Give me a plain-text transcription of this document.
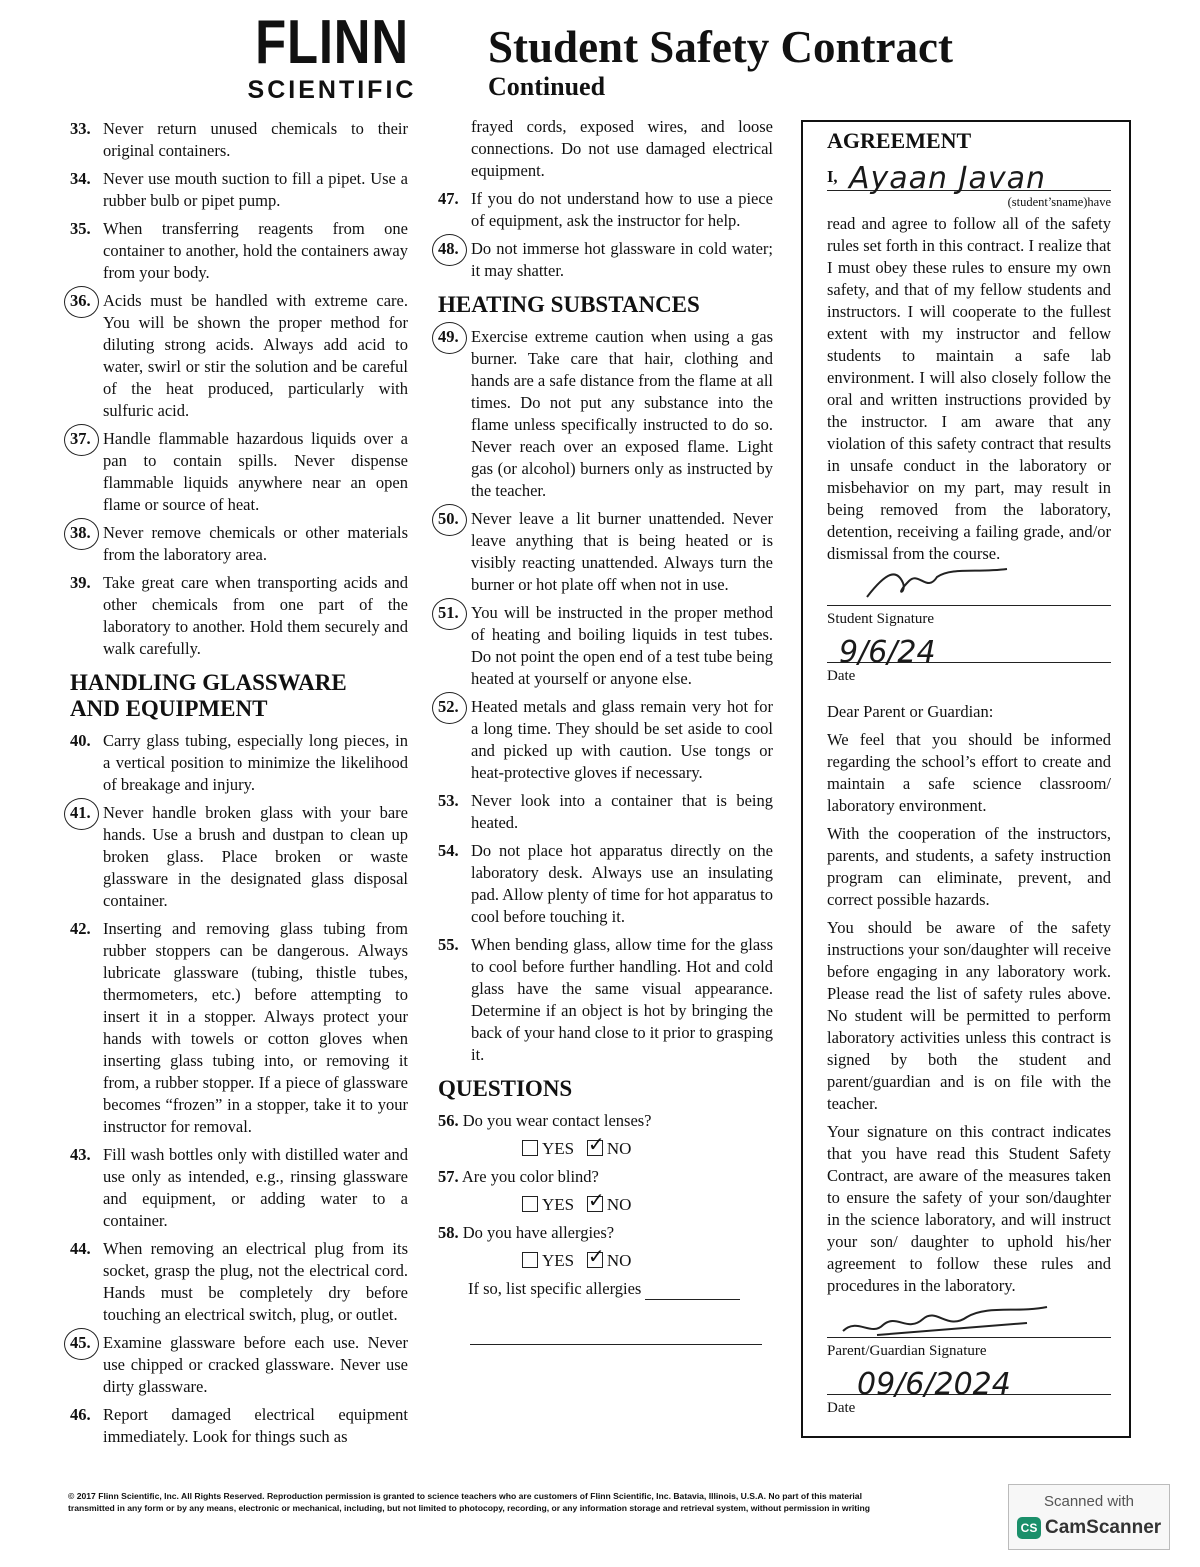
FLINN
SCIENTIFIC
Student Safety Contract
Continued
33. Never return unused chemicals to their original containers.
34. Never use mouth suction to fill a pipet. Use a rubber bulb or pipet pump.
35. When transferring reagents from one container to another, hold the containers away from your body.
36. Acids must be handled with extreme care. You will be shown the proper method for diluting strong acids. Always add acid to water, swirl or stir the solution and be careful of the heat produced, particularly with sulfuric acid.
37. Handle flammable hazardous liquids over a pan to contain spills. Never dispense flammable liquids anywhere near an open flame or source of heat.
38. Never remove chemicals or other materials from the laboratory area.
39. Take great care when transporting acids and other chemicals from one part of the laboratory to another. Hold them securely and walk carefully.
HANDLING GLASSWARE
AND EQUIPMENT
40. Carry glass tubing, especially long pieces, in a vertical position to minimize the likelihood of breakage and injury.
41. Never handle broken glass with your bare hands. Use a brush and dustpan to clean up broken glass. Place broken or waste glassware in the designated glass disposal container.
42. Inserting and removing glass tubing from rubber stoppers can be dangerous. Always lubricate glassware (tubing, thistle tubes, thermometers, etc.) before attempting to insert it in a stopper. Always protect your hands with towels or cotton gloves when inserting glass tubing into, or removing it from, a rubber stopper. If a piece of glassware becomes “frozen” in a stopper, take it to your instructor for removal.
43. Fill wash bottles only with distilled water and use only as intended, e.g., rinsing glassware and equipment, or adding water to a container.
44. When removing an electrical plug from its socket, grasp the plug, not the electrical cord. Hands must be completely dry before touching an electrical switch, plug, or outlet.
45. Examine glassware before each use. Never use chipped or cracked glassware. Never use dirty glassware.
46. Report damaged electrical equipment immediately. Look for things such as
frayed cords, exposed wires, and loose connections. Do not use damaged electrical equipment.
47. If you do not understand how to use a piece of equipment, ask the instructor for help.
48. Do not immerse hot glassware in cold water; it may shatter.
HEATING SUBSTANCES
49. Exercise extreme caution when using a gas burner. Take care that hair, clothing and hands are a safe distance from the flame at all times. Do not put any substance into the flame unless specifically instructed to do so. Never reach over an exposed flame. Light gas (or alcohol) burners only as instructed by the teacher.
50. Never leave a lit burner unattended. Never leave anything that is being heated or is visibly reacting unattended. Always turn the burner or hot plate off when not in use.
51. You will be instructed in the proper method of heating and boiling liquids in test tubes. Do not point the open end of a test tube being heated at yourself or anyone else.
52. Heated metals and glass remain very hot for a long time. They should be set aside to cool and picked up with caution. Use tongs or heat-protective gloves if necessary.
53. Never look into a container that is being heated.
54. Do not place hot apparatus directly on the laboratory desk. Always use an insulating pad. Allow plenty of time for hot apparatus to cool before touching it.
55. When bending glass, allow time for the glass to cool before further handling. Hot and cold glass have the same visual appearance. Determine if an object is hot by bringing the back of your hand close to it prior to grasping it.
QUESTIONS
56. Do you wear contact lenses?
YES ✓ NO
57. Are you color blind?
YES ✓ NO
58. Do you have allergies?
YES ✓ NO
If so, list specific allergies
AGREEMENT
I, Ayaan Javan
(student’sname)have

read and agree to follow all of the safety rules set forth in this contract. I realize that I must obey these rules to ensure my own safety, and that of my fellow students and instructors. I will cooperate to the fullest extent with my instructor and fellow students to maintain a safe lab environment. I will also closely follow the oral and written instructions provided by the instructor. I am aware that any violation of this safety contract that results in unsafe conduct in the laboratory or misbehavior on my part, may result in being removed from the laboratory, detention, receiving a failing grade, and/or dismissal from the course.

Student Signature
9/6/24
Date

Dear Parent or Guardian:

We feel that you should be informed regarding the school’s effort to create and maintain a safe science classroom/ laboratory environment.

With the cooperation of the instructors, parents, and students, a safety instruction program can eliminate, prevent, and correct possible hazards.

You should be aware of the safety instructions your son/daughter will receive before engaging in any laboratory work. Please read the list of safety rules above. No student will be permitted to perform laboratory activities unless this contract is signed by both the student and parent/guardian and is on file with the teacher.

Your signature on this contract indicates that you have read this Student Safety Contract, are aware of the measures taken to ensure the safety of your son/daughter in the science laboratory, and will instruct your son/ daughter to uphold his/her agreement to follow these rules and procedures in the laboratory.

Parent/Guardian Signature
09/6/2024
Date
© 2017 Flinn Scientific, Inc. All Rights Reserved. Reproduction permission is granted to science teachers who are customers of Flinn Scientific, Inc. Batavia, Illinois, U.S.A. No part of this material
transmitted in any form or by any means, electronic or mechanical, including, but not limited to photocopy, recording, or any information storage and retrieval system, without permission in writing	Scanned with
CS CamScanner
